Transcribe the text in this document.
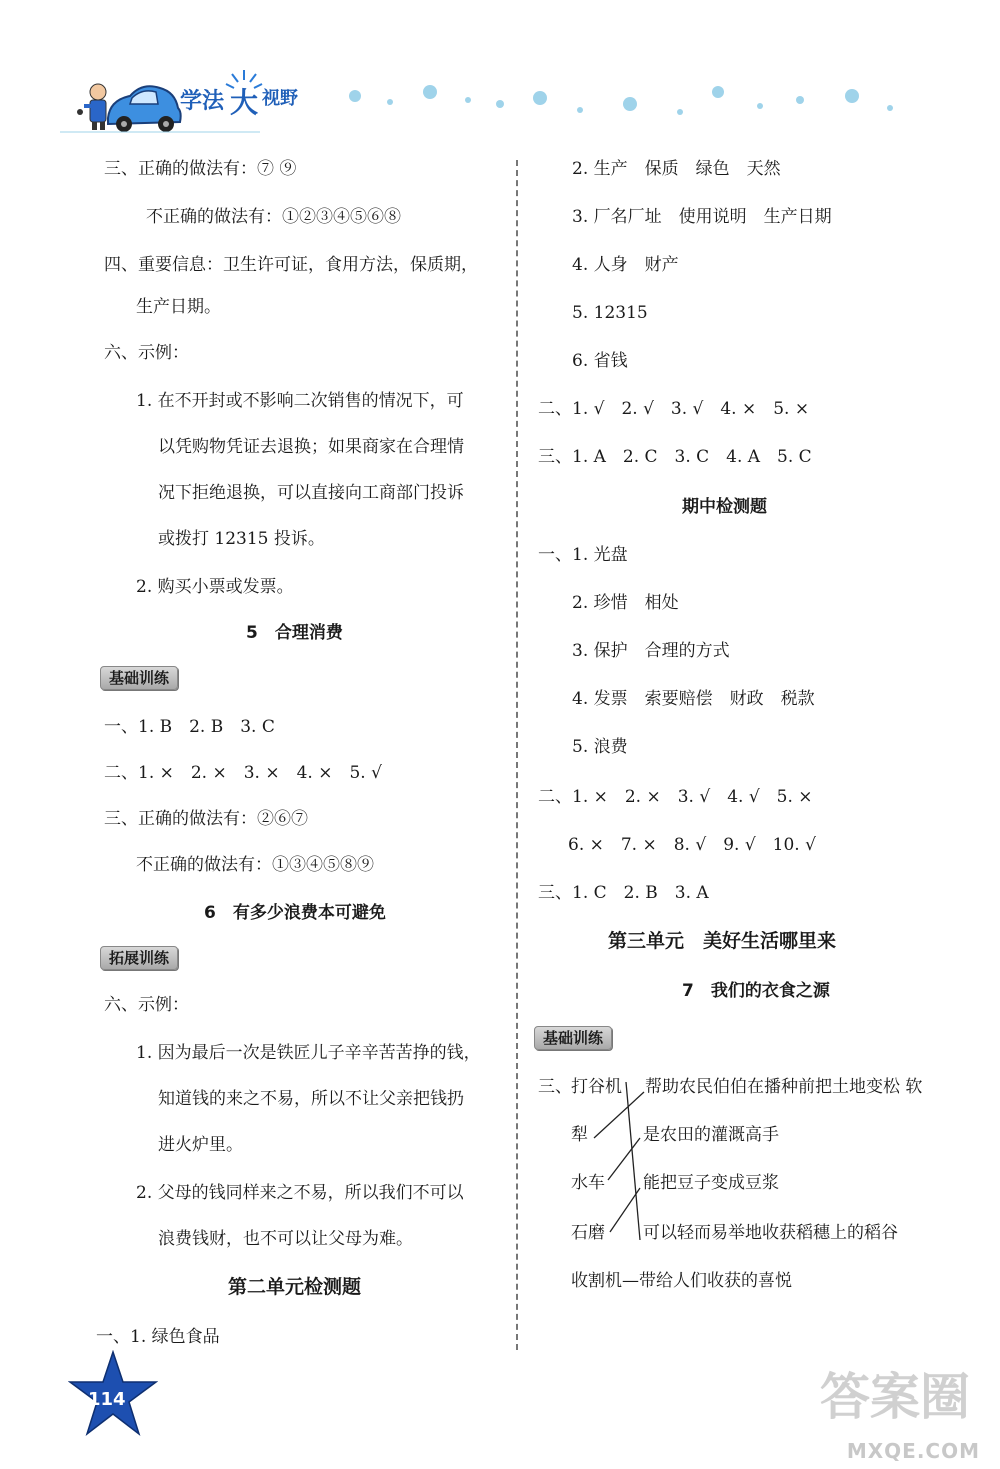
学法 大 视野
三、正确的做法有：⑦ ⑨
不正确的做法有：①②③④⑤⑥⑧
四、重要信息：卫生许可证，食用方法，保质期，
生产日期。
六、示例：
1. 在不开封或不影响二次销售的情况下，可
以凭购物凭证去退换；如果商家在合理情
况下拒绝退换，可以直接向工商部门投诉
或拨打 12315 投诉。
2. 购买小票或发票。
5　合理消费
基础训练
一、1. B　2. B　3. C
二、1. ×　2. ×　3. ×　4. ×　5. √
三、正确的做法有：②⑥⑦
不正确的做法有：①③④⑤⑧⑨
6　有多少浪费本可避免
拓展训练
六、示例：
1. 因为最后一次是铁匠儿子辛辛苦苦挣的钱，
知道钱的来之不易，所以不让父亲把钱扔
进火炉里。
2. 父母的钱同样来之不易，所以我们不可以
浪费钱财，也不可以让父母为难。
第二单元检测题
一、1. 绿色食品
2. 生产　保质　绿色　天然
3. 厂名厂址　使用说明　生产日期
4. 人身　财产
5. 12315
6. 省钱
二、1. √　2. √　3. √　4. ×　5. ×
三、1. A　2. C　3. C　4. A　5. C
期中检测题
一、1. 光盘
2. 珍惜　相处
3. 保护　合理的方式
4. 发票　索要赔偿　财政　税款
5. 浪费
二、1. ×　2. ×　3. √　4. √　5. ×
6. ×　7. ×　8. √　9. √　10. √
三、1. C　2. B　3. A
第三单元　美好生活哪里来
7　我们的衣食之源
基础训练
三、 打谷机
犁
水车
石磨
帮助农民伯伯在播种前把土地变松 软
是农田的灌溉高手
能把豆子变成豆浆
可以轻而易举地收获稻穗上的稻谷
收割机—带给人们收获的喜悦
114	答案圈
MXQE.COM
